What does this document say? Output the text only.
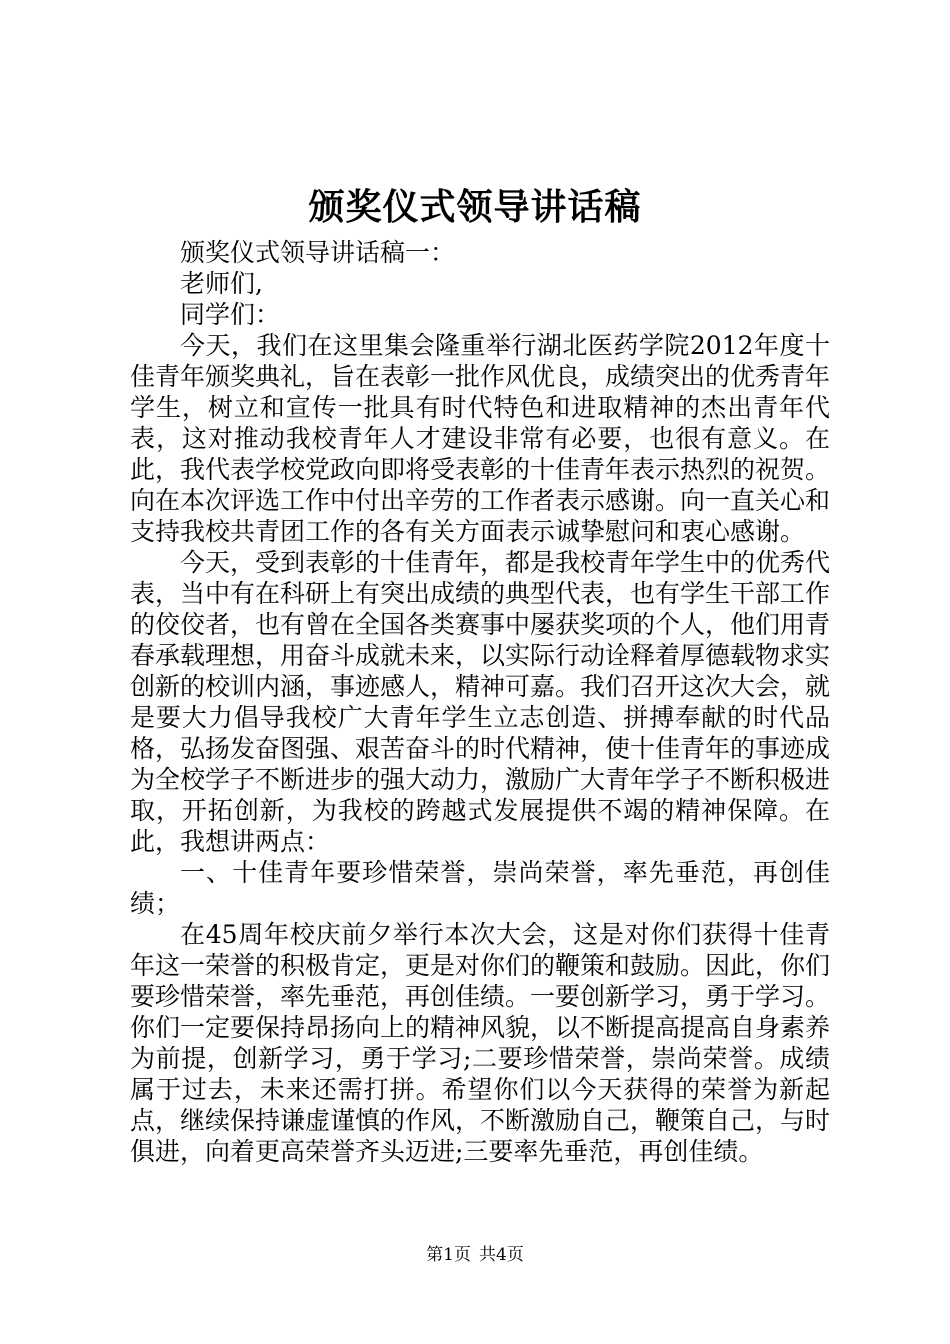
颁奖仪式领导讲话稿

颁奖仪式领导讲话稿一：

老师们,

同学们：

今天，我们在这里集会隆重举行湖北医药学院2012年度十佳青年颁奖典礼，旨在表彰一批作风优良，成绩突出的优秀青年学生，树立和宣传一批具有时代特色和进取精神的杰出青年代表，这对推动我校青年人才建设非常有必要，也很有意义。在此，我代表学校党政向即将受表彰的十佳青年表示热烈的祝贺。向在本次评选工作中付出辛劳的工作者表示感谢。向一直关心和支持我校共青团工作的各有关方面表示诚挚慰问和衷心感谢。

今天，受到表彰的十佳青年，都是我校青年学生中的优秀代表，当中有在科研上有突出成绩的典型代表，也有学生干部工作的佼佼者，也有曾在全国各类赛事中屡获奖项的个人，他们用青春承载理想，用奋斗成就未来，以实际行动诠释着厚德载物求实创新的校训内涵，事迹感人，精神可嘉。我们召开这次大会，就是要大力倡导我校广大青年学生立志创造、拼搏奉献的时代品格，弘扬发奋图强、艰苦奋斗的时代精神，使十佳青年的事迹成为全校学子不断进步的强大动力，激励广大青年学子不断积极进取，开拓创新，为我校的跨越式发展提供不竭的精神保障。在此，我想讲两点：

一、十佳青年要珍惜荣誉，崇尚荣誉，率先垂范，再创佳绩；

在45周年校庆前夕举行本次大会，这是对你们获得十佳青年这一荣誉的积极肯定，更是对你们的鞭策和鼓励。因此，你们要珍惜荣誉，率先垂范，再创佳绩。一要创新学习，勇于学习。你们一定要保持昂扬向上的精神风貌，以不断提高提高自身素养为前提，创新学习，勇于学习;二要珍惜荣誉，崇尚荣誉。成绩属于过去，未来还需打拼。希望你们以今天获得的荣誉为新起点，继续保持谦虚谨慎的作风，不断激励自己，鞭策自己，与时俱进，向着更高荣誉齐头迈进;三要率先垂范，再创佳绩。

第1页 共4页
